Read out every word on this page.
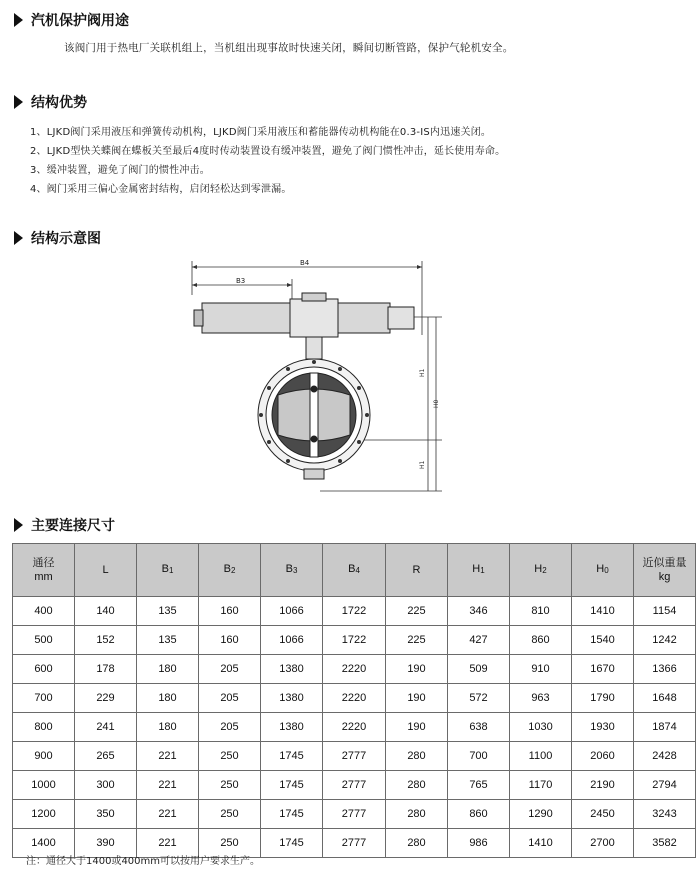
汽机保护阀用途
该阀门用于热电厂关联机组上，当机组出现事故时快速关闭，瞬间切断管路，保护气轮机安全。
结构优势
1、LJKD阀门采用液压和弹簧传动机构，LJKD阀门采用液压和蓄能器传动机构能在0.3-IS内迅速关闭。
2、LJKD型快关蝶阀在蝶板关至最后4度时传动装置设有缓冲装置，避免了阀门惯性冲击，延长使用寿命。
3、缓冲装置，避免了阀门的惯性冲击。
4、阀门采用三偏心金属密封结构，启闭轻松达到零泄漏。
结构示意图
B4
B3
H1
H0
H1
主要连接尺寸
通径
mm	L	$B_1$	$B_2$	$B_3$	$B_4$	R	$H_1$	$H_2$	$H_0$	近似重量
kg
400	140	135	160	1066	1722	225	346	810	1410	1154
500	152	135	160	1066	1722	225	427	860	1540	1242
600	178	180	205	1380	2220	190	509	910	1670	1366
700	229	180	205	1380	2220	190	572	963	1790	1648
800	241	180	205	1380	2220	190	638	1030	1930	1874
900	265	221	250	1745	2777	280	700	1100	2060	2428
1000	300	221	250	1745	2777	280	765	1170	2190	2794
1200	350	221	250	1745	2777	280	860	1290	2450	3243
1400	390	221	250	1745	2777	280	986	1410	2700	3582
注：通径大于1400或400mm可以按用户要求生产。
